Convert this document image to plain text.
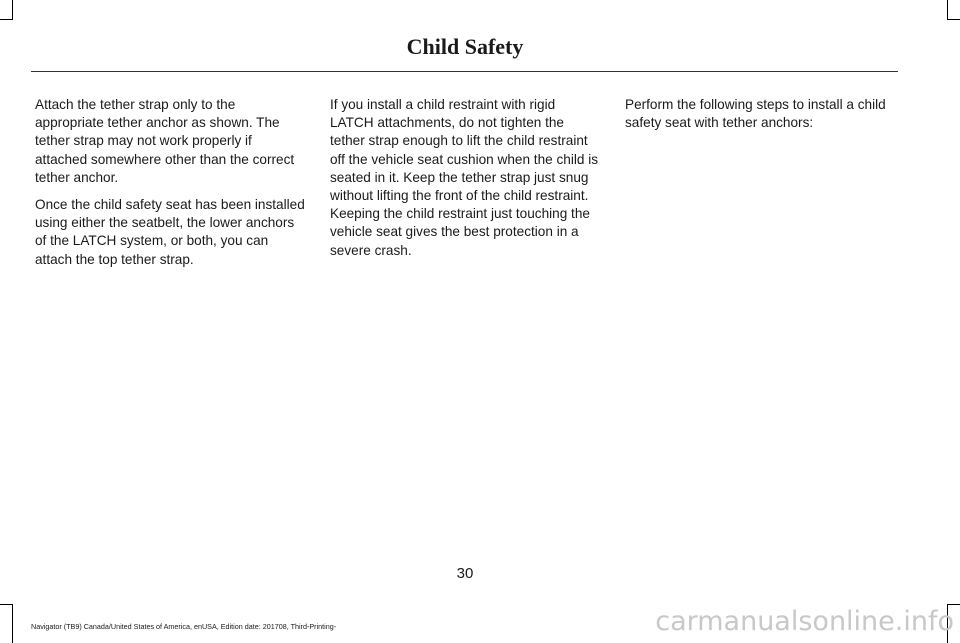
Child Safety

Attach the tether strap only to the appropriate tether anchor as shown. The tether strap may not work properly if attached somewhere other than the correct tether anchor.

Once the child safety seat has been installed using either the seatbelt, the lower anchors of the LATCH system, or both, you can attach the top tether strap.

If you install a child restraint with rigid LATCH attachments, do not tighten the tether strap enough to lift the child restraint off the vehicle seat cushion when the child is seated in it. Keep the tether strap just snug without lifting the front of the child restraint. Keeping the child restraint just touching the vehicle seat gives the best protection in a severe crash.

Perform the following steps to install a child safety seat with tether anchors:

30
Navigator (TB9) Canada/United States of America, enUSA, Edition date: 201708, Third-Printing-	carmanualsonline.info
